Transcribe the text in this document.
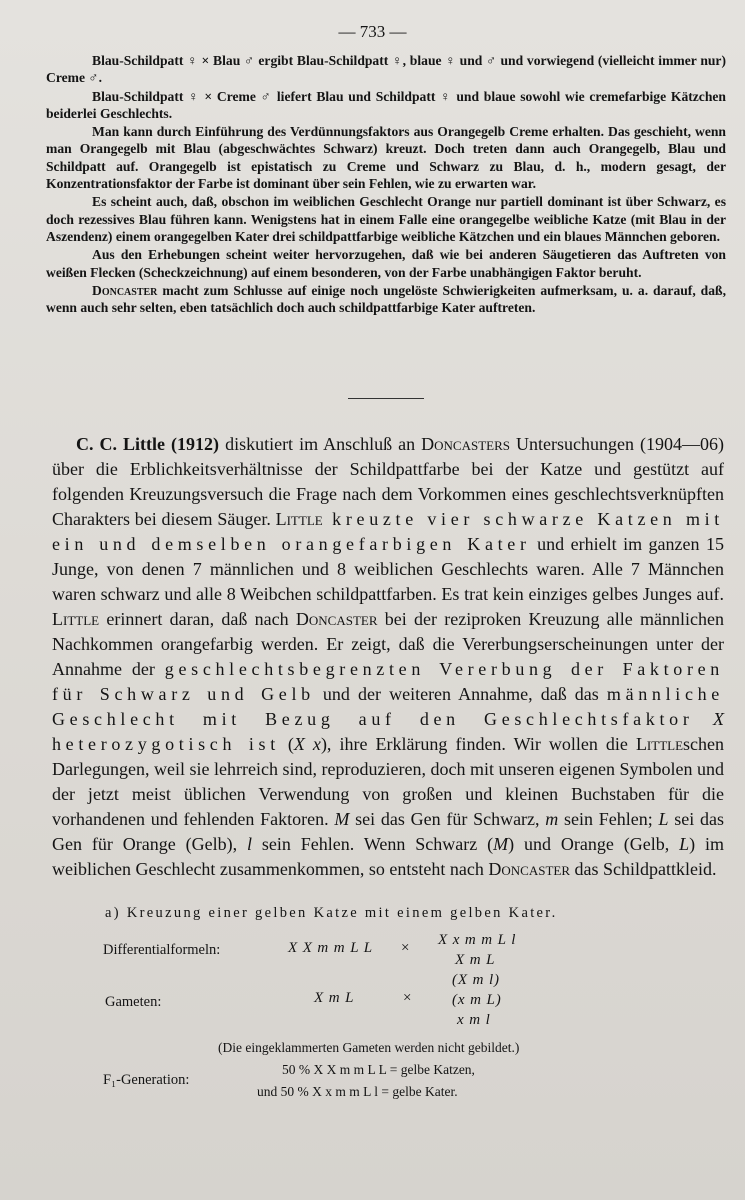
— 733 —

Blau-Schildpatt ♀ × Blau ♂ ergibt Blau-Schildpatt ♀, blaue ♀ und ♂ und vorwiegend (vielleicht immer nur) Creme ♂.

Blau-Schildpatt ♀ × Creme ♂ liefert Blau und Schildpatt ♀ und blaue sowohl wie cremefarbige Kätzchen beiderlei Geschlechts.

Man kann durch Einführung des Verdünnungsfaktors aus Orangegelb Creme erhalten. Das geschieht, wenn man Orangegelb mit Blau (abgeschwächtes Schwarz) kreuzt. Doch treten dann auch Orangegelb, Blau und Schildpatt auf. Orangegelb ist epistatisch zu Creme und Schwarz zu Blau, d. h., modern gesagt, der Konzentrationsfaktor der Farbe ist dominant über sein Fehlen, wie zu erwarten war.

Es scheint auch, daß, obschon im weiblichen Geschlecht Orange nur partiell dominant ist über Schwarz, es doch rezessives Blau führen kann. Wenigstens hat in einem Falle eine orangegelbe weibliche Katze (mit Blau in der Aszendenz) einem orangegelben Kater drei schildpattfarbige weibliche Kätzchen und ein blaues Männchen geboren.

Aus den Erhebungen scheint weiter hervorzugehen, daß wie bei anderen Säugetieren das Auftreten von weißen Flecken (Scheckzeichnung) auf einem besonderen, von der Farbe unabhängigen Faktor beruht.

Doncaster macht zum Schlusse auf einige noch ungelöste Schwierigkeiten aufmerksam, u. a. darauf, daß, wenn auch sehr selten, eben tatsächlich doch auch schildpattfarbige Kater auftreten.

C. C. Little (1912) diskutiert im Anschluß an Doncasters Untersuchungen (1904—06) über die Erblichkeitsverhältnisse der Schildpattfarbe bei der Katze und gestützt auf folgenden Kreuzungsversuch die Frage nach dem Vorkommen eines geschlechtsverknüpften Charakters bei diesem Säuger. Little kreuzte vier schwarze Katzen mit ein und demselben orangefarbigen Kater und erhielt im ganzen 15 Junge, von denen 7 männlichen und 8 weiblichen Geschlechts waren. Alle 7 Männchen waren schwarz und alle 8 Weibchen schildpattfarben. Es trat kein einziges gelbes Junges auf. Little erinnert daran, daß nach Doncaster bei der reziproken Kreuzung alle männlichen Nachkommen orangefarbig werden. Er zeigt, daß die Vererbungserscheinungen unter der Annahme der geschlechtsbegrenzten Vererbung der Faktoren für Schwarz und Gelb und der weiteren Annahme, daß das männliche Geschlecht mit Bezug auf den Geschlechtsfaktor X heterozygotisch ist (X x), ihre Erklärung finden. Wir wollen die Littleschen Darlegungen, weil sie lehrreich sind, reproduzieren, doch mit unseren eigenen Symbolen und der jetzt meist üblichen Verwendung von großen und kleinen Buchstaben für die vorhandenen und fehlenden Faktoren. M sei das Gen für Schwarz, m sein Fehlen; L sei das Gen für Orange (Gelb), l sein Fehlen. Wenn Schwarz (M) und Orange (Gelb, L) im weiblichen Geschlecht zusammenkommen, so entsteht nach Doncaster das Schildpattkleid.

a) Kreuzung einer gelben Katze mit einem gelben Kater.
Differentialformeln:	X X m m L L × X x m m L l
X m L
Gameten:	X m L	×
(X m l)
(x m L)
x m l
(Die eingeklammerten Gameten werden nicht gebildet.)
F₁-Generation:
50 % X X m m L L = gelbe Katzen,
und 50 % X x m m L l = gelbe Kater.
